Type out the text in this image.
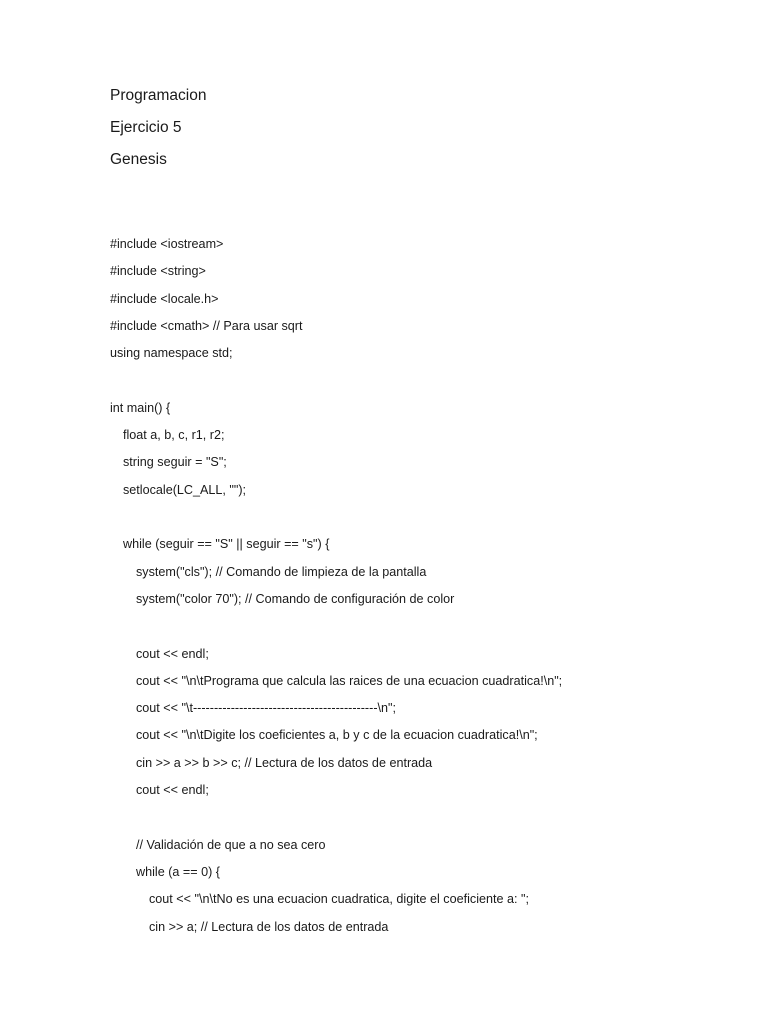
Programacion
Ejercicio 5
Genesis
#include <iostream>
#include <string>
#include <locale.h>
#include <cmath> // Para usar sqrt
using namespace std;
int main() {
float a, b, c, r1, r2;
string seguir = "S";
setlocale(LC_ALL, "");
while (seguir == "S" || seguir == "s") {
system("cls"); // Comando de limpieza de la pantalla
system("color 70"); // Comando de configuración de color
cout << endl;
cout << "\n\tPrograma que calcula las raices de una ecuacion cuadratica!\n";
cout << "\t--------------------------------------------\n";
cout << "\n\tDigite los coeficientes a, b y c de la ecuacion cuadratica!\n";
cin >> a >> b >> c; // Lectura de los datos de entrada
cout << endl;
// Validación de que a no sea cero
while (a == 0) {
cout << "\n\tNo es una ecuacion cuadratica, digite el coeficiente a: ";
cin >> a; // Lectura de los datos de entrada
